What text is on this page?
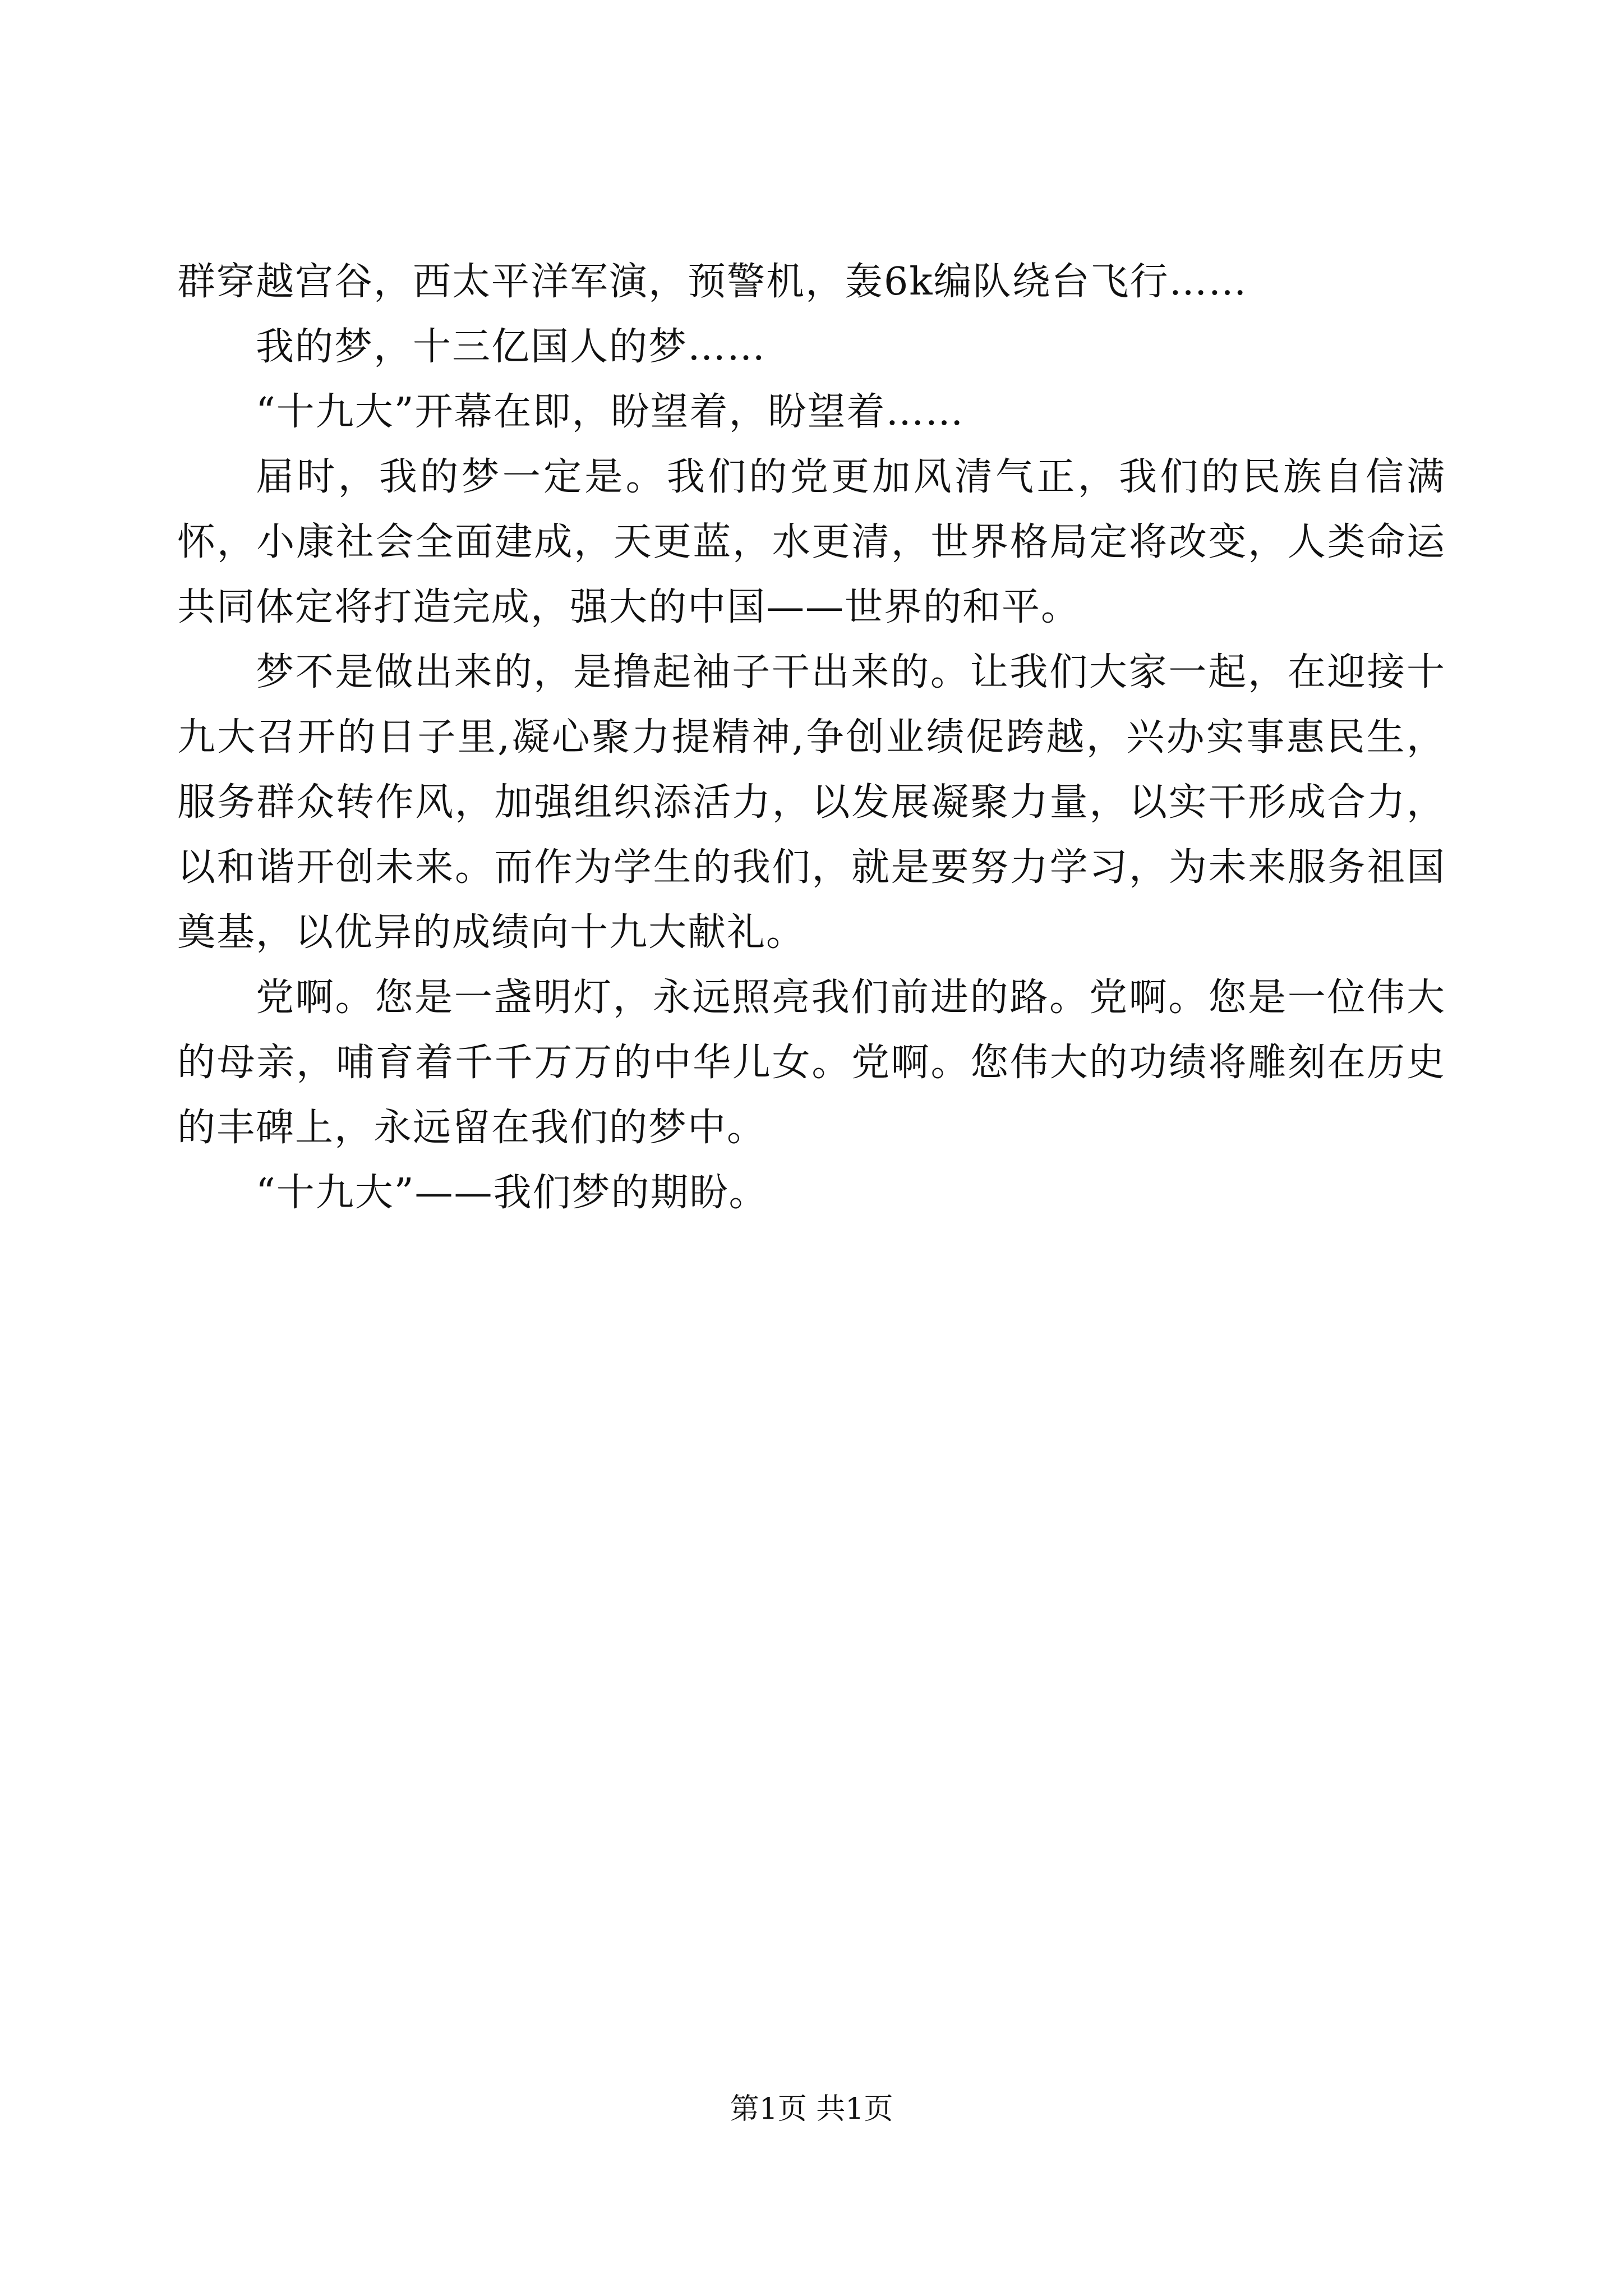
群穿越宫谷，西太平洋军演，预警机，轰6k编队绕台飞行……

我的梦，十三亿国人的梦……

“十九大”开幕在即，盼望着，盼望着……

届时，我的梦一定是。我们的党更加风清气正，我们的民族自信满怀，小康社会全面建成，天更蓝，水更清，世界格局定将改变，人类命运共同体定将打造完成，强大的中国——世界的和平。

梦不是做出来的，是撸起袖子干出来的。让我们大家一起，在迎接十九大召开的日子里,凝心聚力提精神,争创业绩促跨越，兴办实事惠民生，服务群众转作风，加强组织添活力，以发展凝聚力量，以实干形成合力，以和谐开创未来。而作为学生的我们，就是要努力学习，为未来服务祖国奠基，以优异的成绩向十九大献礼。

党啊。您是一盏明灯，永远照亮我们前进的路。党啊。您是一位伟大的母亲，哺育着千千万万的中华儿女。党啊。您伟大的功绩将雕刻在历史的丰碑上，永远留在我们的梦中。

“十九大”——我们梦的期盼。

第1页 共1页
